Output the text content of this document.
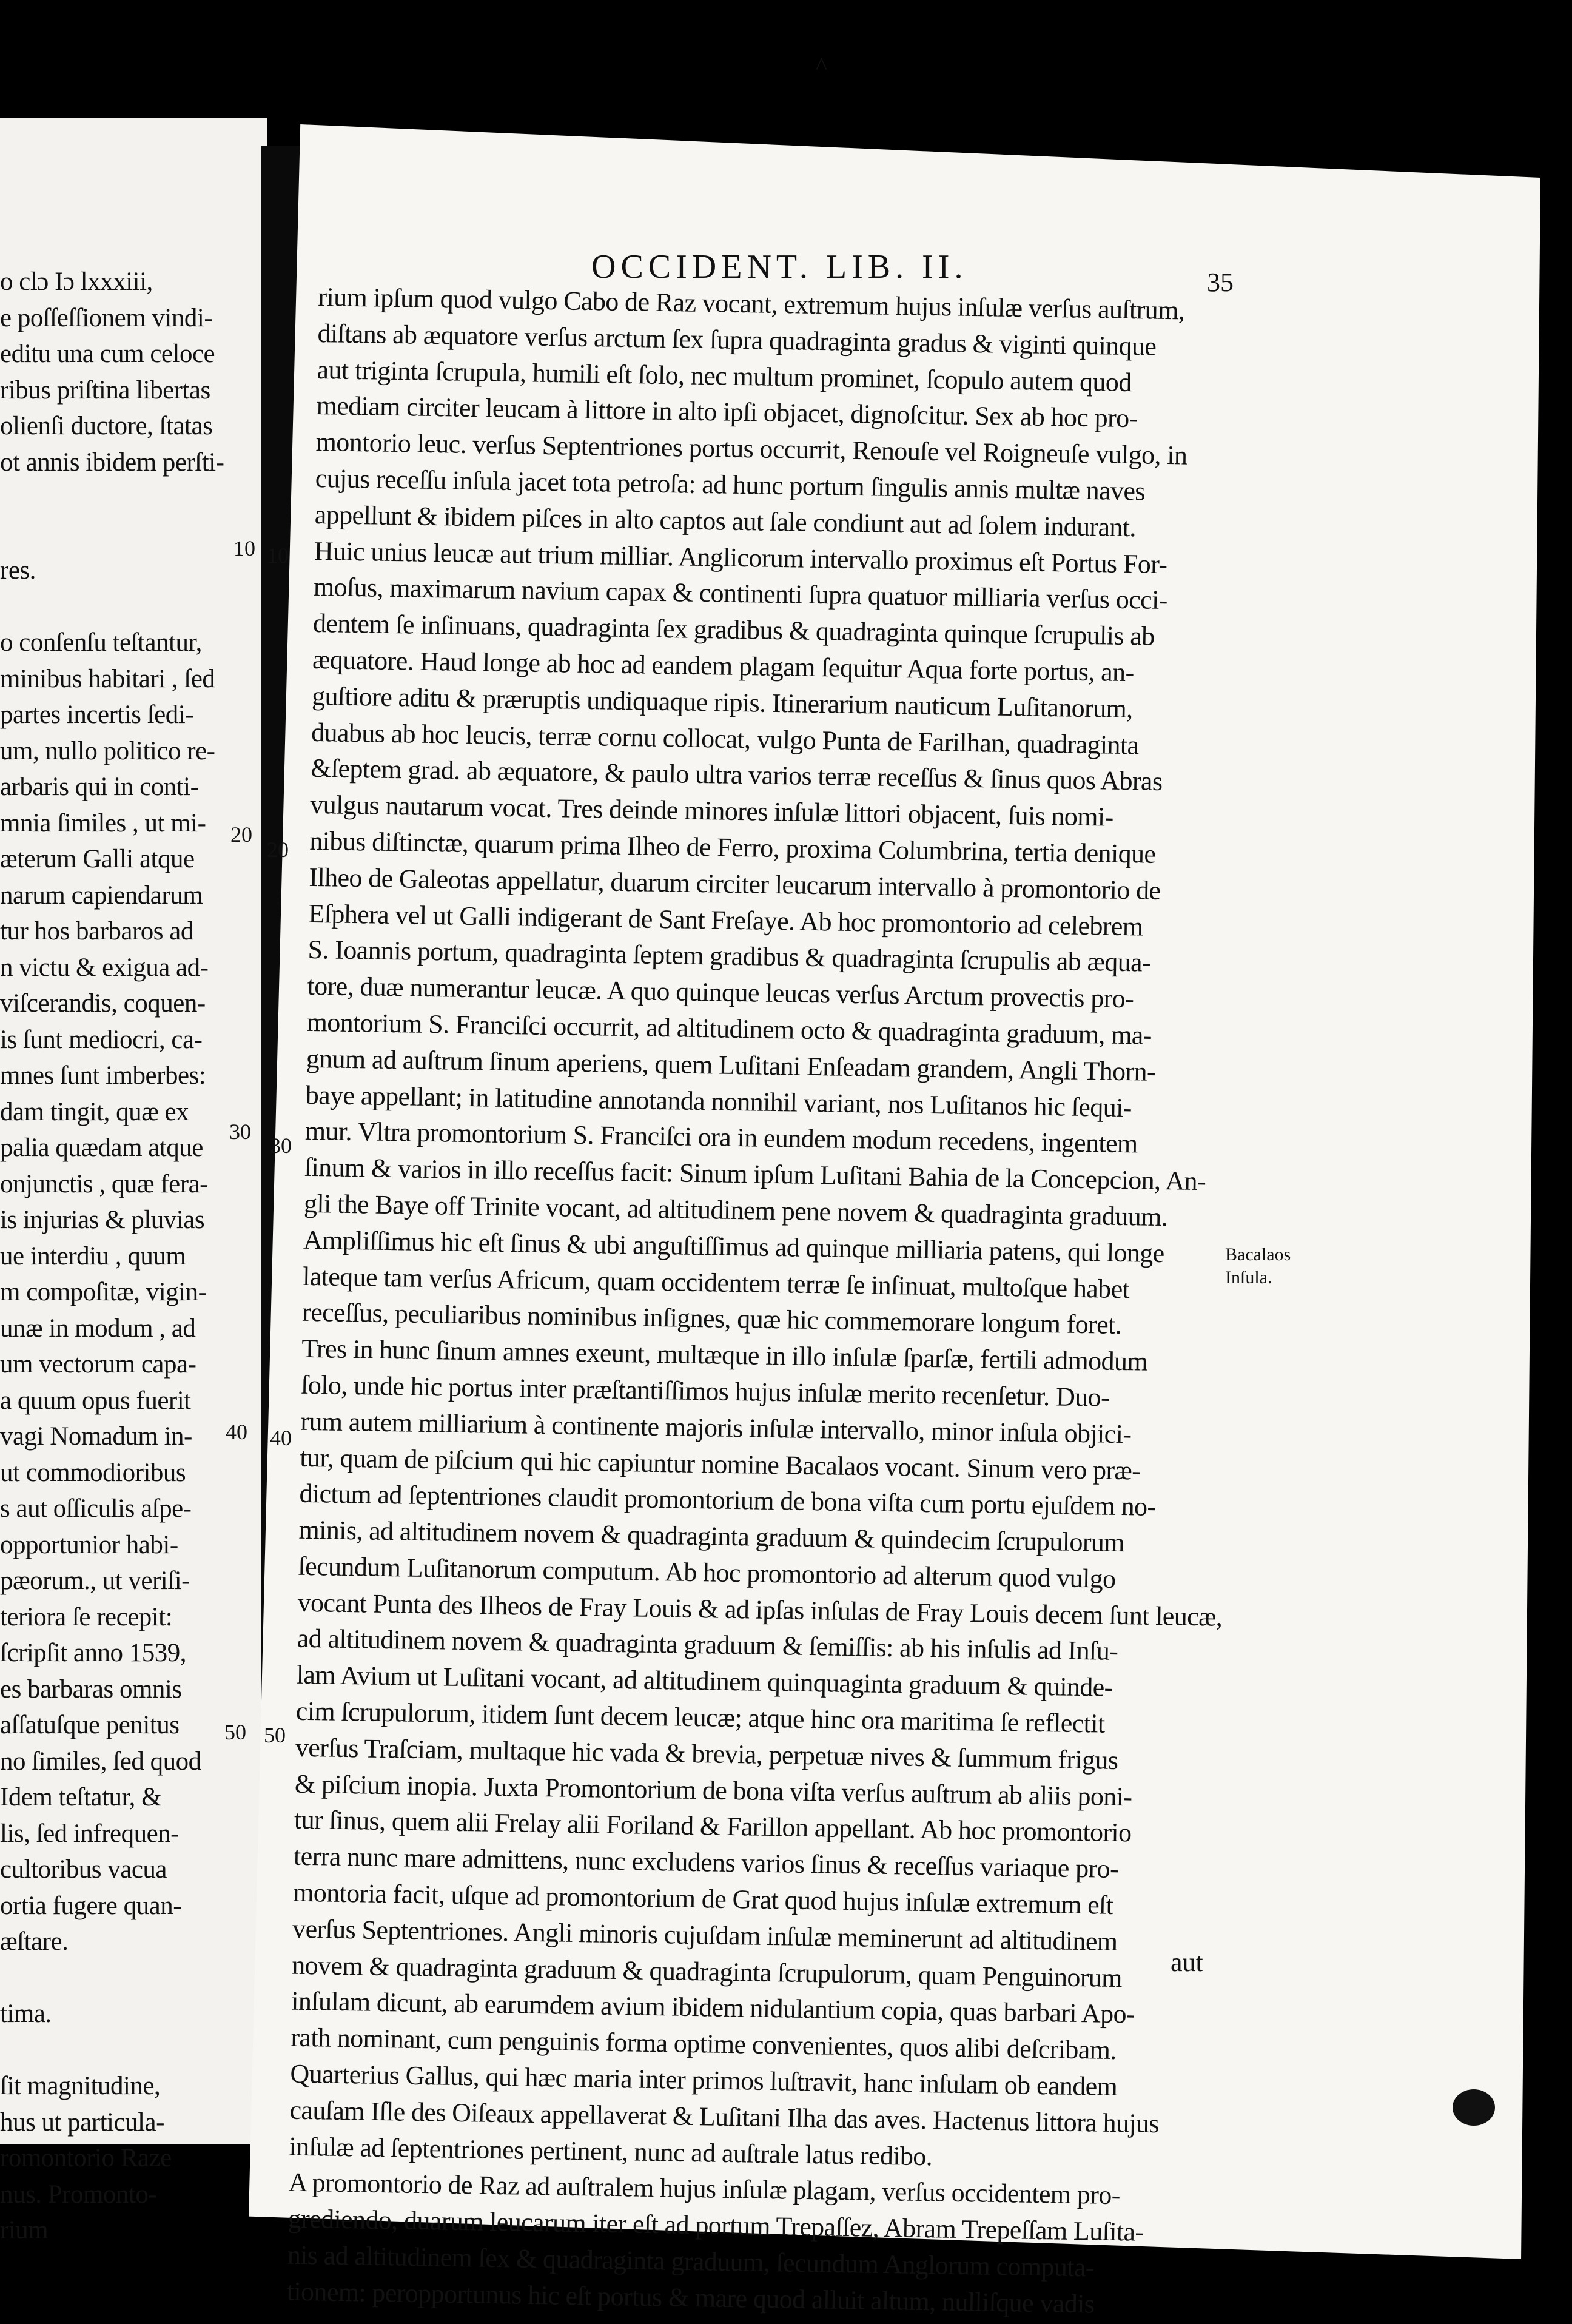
o clɔ Iɔ lxxxiii,
e poſſeſſionem vindi-
editu una cum celoce
ribus priſtina libertas
olienſi ductore, ſtatas
ot annis ibidem perſti-

res.

o conſenſu teſtantur,
minibus habitari , ſed
partes incertis ſedi-
um, nullo politico re-
arbaris qui in conti-
mnia ſimiles , ut mi-
æterum Galli atque
narum capiendarum
tur hos barbaros ad
n victu & exigua ad-
viſcerandis, coquen-
is ſunt mediocri, ca-
mnes ſunt imberbes:
dam tingit, quæ ex
palia quædam atque
onjunctis , quæ fera-
is injurias & pluvias
ue interdiu , quum
m compoſitæ, vigin-
unæ in modum , ad
um vectorum capa-
a quum opus fuerit
vagi Nomadum in-
ut commodioribus
s aut oſſiculis aſpe-
opportunior habi-
pæorum., ut veriſi-
teriora ſe recepit:
ſcripſit anno 1539,
es barbaras omnis
aſſatuſque penitus
no ſimiles, ſed quod
Idem teſtatur, &
lis, ſed infrequen-
cultoribus vacua
ortia fugere quan-
æſtare.

tima.

ſit magnitudine,
hus ut particula-
romontorio Raze
nus. Promonto-
rium
10
20
30
40
50
^
OCCIDENT. LIB. II.	35
rium ipſum quod vulgo Cabo de Raz vocant, extremum hujus inſulæ verſus auſtrum,
diſtans ab æquatore verſus arctum ſex ſupra quadraginta gradus & viginti quinque
aut triginta ſcrupula, humili eſt ſolo, nec multum prominet, ſcopulo autem quod
mediam circiter leucam à littore in alto ipſi objacet, dignoſcitur. Sex ab hoc pro-
montorio leuc. verſus Septentriones portus occurrit, Renouſe vel Roigneuſe vulgo, in
cujus receſſu inſula jacet tota petroſa: ad hunc portum ſingulis annis multæ naves
appellunt & ibidem piſces in alto captos aut ſale condiunt aut ad ſolem indurant.
Huic unius leucæ aut trium milliar. Anglicorum intervallo proximus eſt Portus For-
moſus, maximarum navium capax & continenti ſupra quatuor milliaria verſus occi-
dentem ſe inſinuans, quadraginta ſex gradibus & quadraginta quinque ſcrupulis ab
æquatore. Haud longe ab hoc ad eandem plagam ſequitur Aqua forte portus, an-
guſtiore aditu & præruptis undiquaque ripis. Itinerarium nauticum Luſitanorum,
duabus ab hoc leucis, terræ cornu collocat, vulgo Punta de Farilhan, quadraginta
&ſeptem grad. ab æquatore, & paulo ultra varios terræ receſſus & ſinus quos Abras
vulgus nautarum vocat. Tres deinde minores inſulæ littori objacent, ſuis nomi-
nibus diſtinctæ, quarum prima Ilheo de Ferro, proxima Columbrina, tertia denique
Ilheo de Galeotas appellatur, duarum circiter leucarum intervallo à promontorio de
Eſphera vel ut Galli indigerant de Sant Freſaye. Ab hoc promontorio ad celebrem
S. Ioannis portum, quadraginta ſeptem gradibus & quadraginta ſcrupulis ab æqua-
tore, duæ numerantur leucæ. A quo quinque leucas verſus Arctum provectis pro-
montorium S. Franciſci occurrit, ad altitudinem octo & quadraginta graduum, ma-
gnum ad auſtrum ſinum aperiens, quem Luſitani Enſeadam grandem, Angli Thorn-
baye appellant; in latitudine annotanda nonnihil variant, nos Luſitanos hic ſequi-
mur. Vltra promontorium S. Franciſci ora in eundem modum recedens, ingentem
ſinum & varios in illo receſſus facit: Sinum ipſum Luſitani Bahia de la Concepcion, An-
gli the Baye off Trinite vocant, ad altitudinem pene novem & quadraginta graduum.
Ampliſſimus hic eſt ſinus & ubi anguſtiſſimus ad quinque milliaria patens, qui longe
lateque tam verſus Africum, quam occidentem terræ ſe inſinuat, multoſque habet
receſſus, peculiaribus nominibus inſignes, quæ hic commemorare longum foret.
Tres in hunc ſinum amnes exeunt, multæque in illo inſulæ ſparſæ, fertili admodum
ſolo, unde hic portus inter præſtantiſſimos hujus inſulæ merito recenſetur. Duo-
rum autem milliarium à continente majoris inſulæ intervallo, minor inſula objici-
tur, quam de piſcium qui hic capiuntur nomine Bacalaos vocant. Sinum vero præ-
dictum ad ſeptentriones claudit promontorium de bona viſta cum portu ejuſdem no-
minis, ad altitudinem novem & quadraginta graduum & quindecim ſcrupulorum
ſecundum Luſitanorum computum. Ab hoc promontorio ad alterum quod vulgo
vocant Punta des Ilheos de Fray Louis & ad ipſas inſulas de Fray Louis decem ſunt leucæ,
ad altitudinem novem & quadraginta graduum & ſemiſſis: ab his inſulis ad Inſu-
lam Avium ut Luſitani vocant, ad altitudinem quinquaginta graduum & quinde-
cim ſcrupulorum, itidem ſunt decem leucæ; atque hinc ora maritima ſe reflectit
verſus Traſciam, multaque hic vada & brevia, perpetuæ nives & ſummum frigus
& piſcium inopia. Juxta Promontorium de bona viſta verſus auſtrum ab aliis poni-
tur ſinus, quem alii Frelay alii Foriland & Farillon appellant. Ab hoc promontorio
terra nunc mare admittens, nunc excludens varios ſinus & receſſus variaque pro-
montoria facit, uſque ad promontorium de Grat quod hujus inſulæ extremum eſt
verſus Septentriones. Angli minoris cujuſdam inſulæ meminerunt ad altitudinem
novem & quadraginta graduum & quadraginta ſcrupulorum, quam Penguinorum
inſulam dicunt, ab earumdem avium ibidem nidulantium copia, quas barbari Apo-
rath nominant, cum penguinis forma optime convenientes, quos alibi deſcribam.
Quarterius Gallus, qui hæc maria inter primos luſtravit, hanc inſulam ob eandem
cauſam Iſle des Oiſeaux appellaverat & Luſitani Ilha das aves. Hactenus littora hujus
inſulæ ad ſeptentriones pertinent, nunc ad auſtrale latus redibo.
A promontorio de Raz ad auſtralem hujus inſulæ plagam, verſus occidentem pro-
grediendo, duarum leucarum iter eſt ad portum Trepaſſez, Abram Trepeſſam Luſita-
nis ad altitudinem ſex & quadraginta graduum, ſecundum Anglorum computa-
tionem: peropportunus hic eſt portus & mare quod alluit altum, nulliſque vadis
10
20
30
40
50
Bacalaos
Inſula.
aut
